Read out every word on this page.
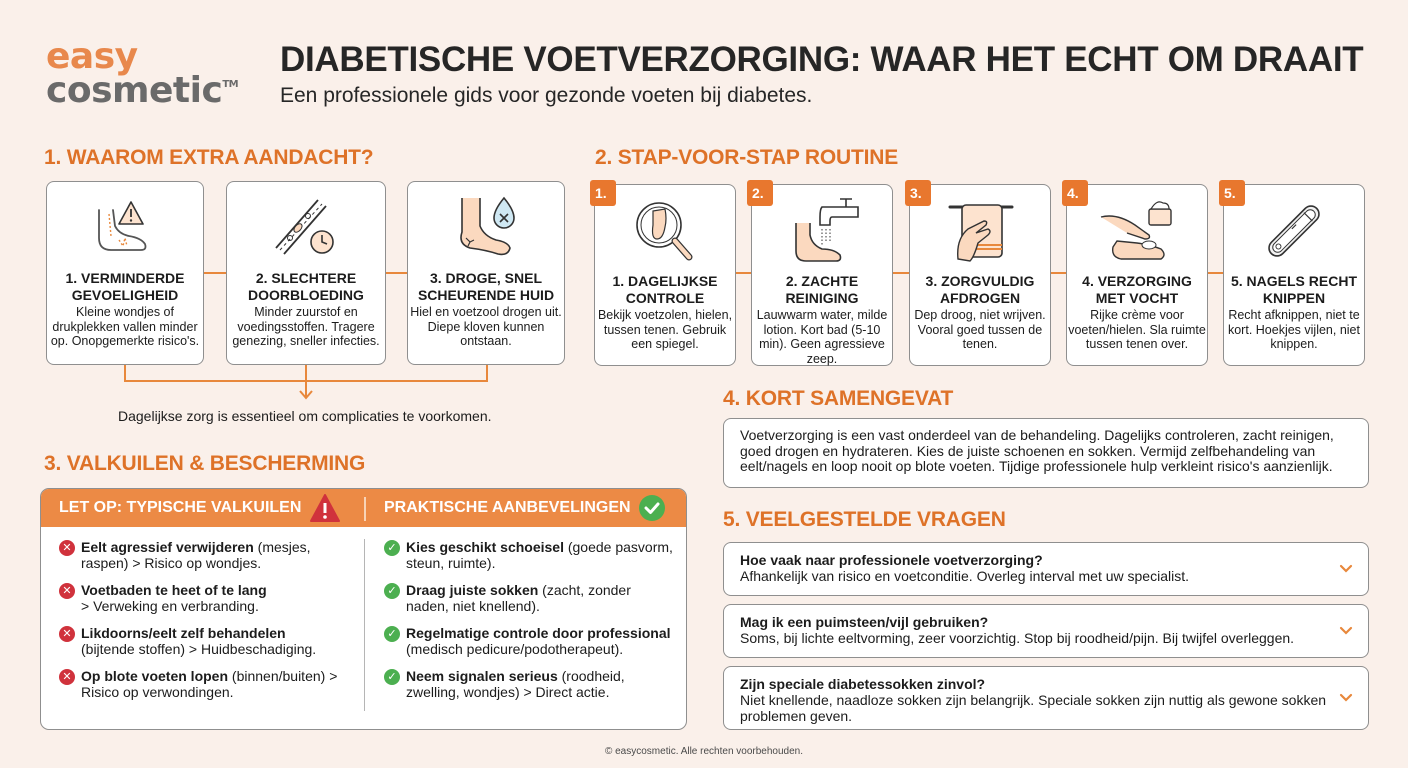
easy
cosmetic™
DIABETISCHE VOETVERZORGING: WAAR HET ECHT OM DRAAIT
Een professionele gids voor gezonde voeten bij diabetes.
1. WAAROM EXTRA AANDACHT?
1. VERMINDERDE GEVOELIGHEID
Kleine wondjes of drukplekken vallen minder op. Onopgemerkte risico's.
2. SLECHTERE DOORBLOEDING
Minder zuurstof en voedingsstoffen. Tragere genezing, sneller infecties.
3. DROGE, SNEL SCHEURENDE HUID
Hiel en voetzool drogen uit. Diepe kloven kunnen ontstaan.
Dagelijkse zorg is essentieel om complicaties te voorkomen.
2. STAP-VOOR-STAP ROUTINE
1.
1. DAGELIJKSE CONTROLE
Bekijk voetzolen, hielen, tussen tenen. Gebruik een spiegel.
2.
2. ZACHTE REINIGING
Lauwwarm water, milde lotion. Kort bad (5-10 min). Geen agressieve zeep.
3.
3. ZORGVULDIG AFDROGEN
Dep droog, niet wrijven. Vooral goed tussen de tenen.
4.
4. VERZORGING MET VOCHT
Rijke crème voor voeten/hielen. Sla ruimte tussen tenen over.
5.
5. NAGELS RECHT KNIPPEN
Recht afknippen, niet te kort. Hoekjes vijlen, niet knippen.
3. VALKUILEN & BESCHERMING
LET OP: TYPISCHE VALKUILEN	PRAKTISCHE AANBEVELINGEN
✕ Eelt agressief verwijderen (mesjes, raspen) > Risico op wondjes.
✕ Voetbaden te heet of te lang
> Verweking en verbranding.
✕ Likdoorns/eelt zelf behandelen
(bijtende stoffen) > Huidbeschadiging.
✕ Op blote voeten lopen (binnen/buiten) > Risico op verwondingen.
✓ Kies geschikt schoeisel (goede pasvorm, steun, ruimte).
✓ Draag juiste sokken (zacht, zonder naden, niet knellend).
✓ Regelmatige controle door professional
(medisch pedicure/podotherapeut).
✓ Neem signalen serieus (roodheid, zwelling, wondjes) > Direct actie.
4. KORT SAMENGEVAT
Voetverzorging is een vast onderdeel van de behandeling. Dagelijks controleren, zacht reinigen, goed drogen en hydrateren. Kies de juiste schoenen en sokken. Vermijd zelfbehandeling van eelt/nagels en loop nooit op blote voeten. Tijdige professionele hulp verkleint risico's aanzienlijk.
5. VEELGESTELDE VRAGEN
Hoe vaak naar professionele voetverzorging?
Afhankelijk van risico en voetconditie. Overleg interval met uw specialist.
Mag ik een puimsteen/vijl gebruiken?
Soms, bij lichte eeltvorming, zeer voorzichtig. Stop bij roodheid/pijn. Bij twijfel overleggen.
Zijn speciale diabetessokken zinvol?
Niet knellende, naadloze sokken zijn belangrijk. Speciale sokken zijn nuttig als gewone sokken problemen geven.
© easycosmetic. Alle rechten voorbehouden.
